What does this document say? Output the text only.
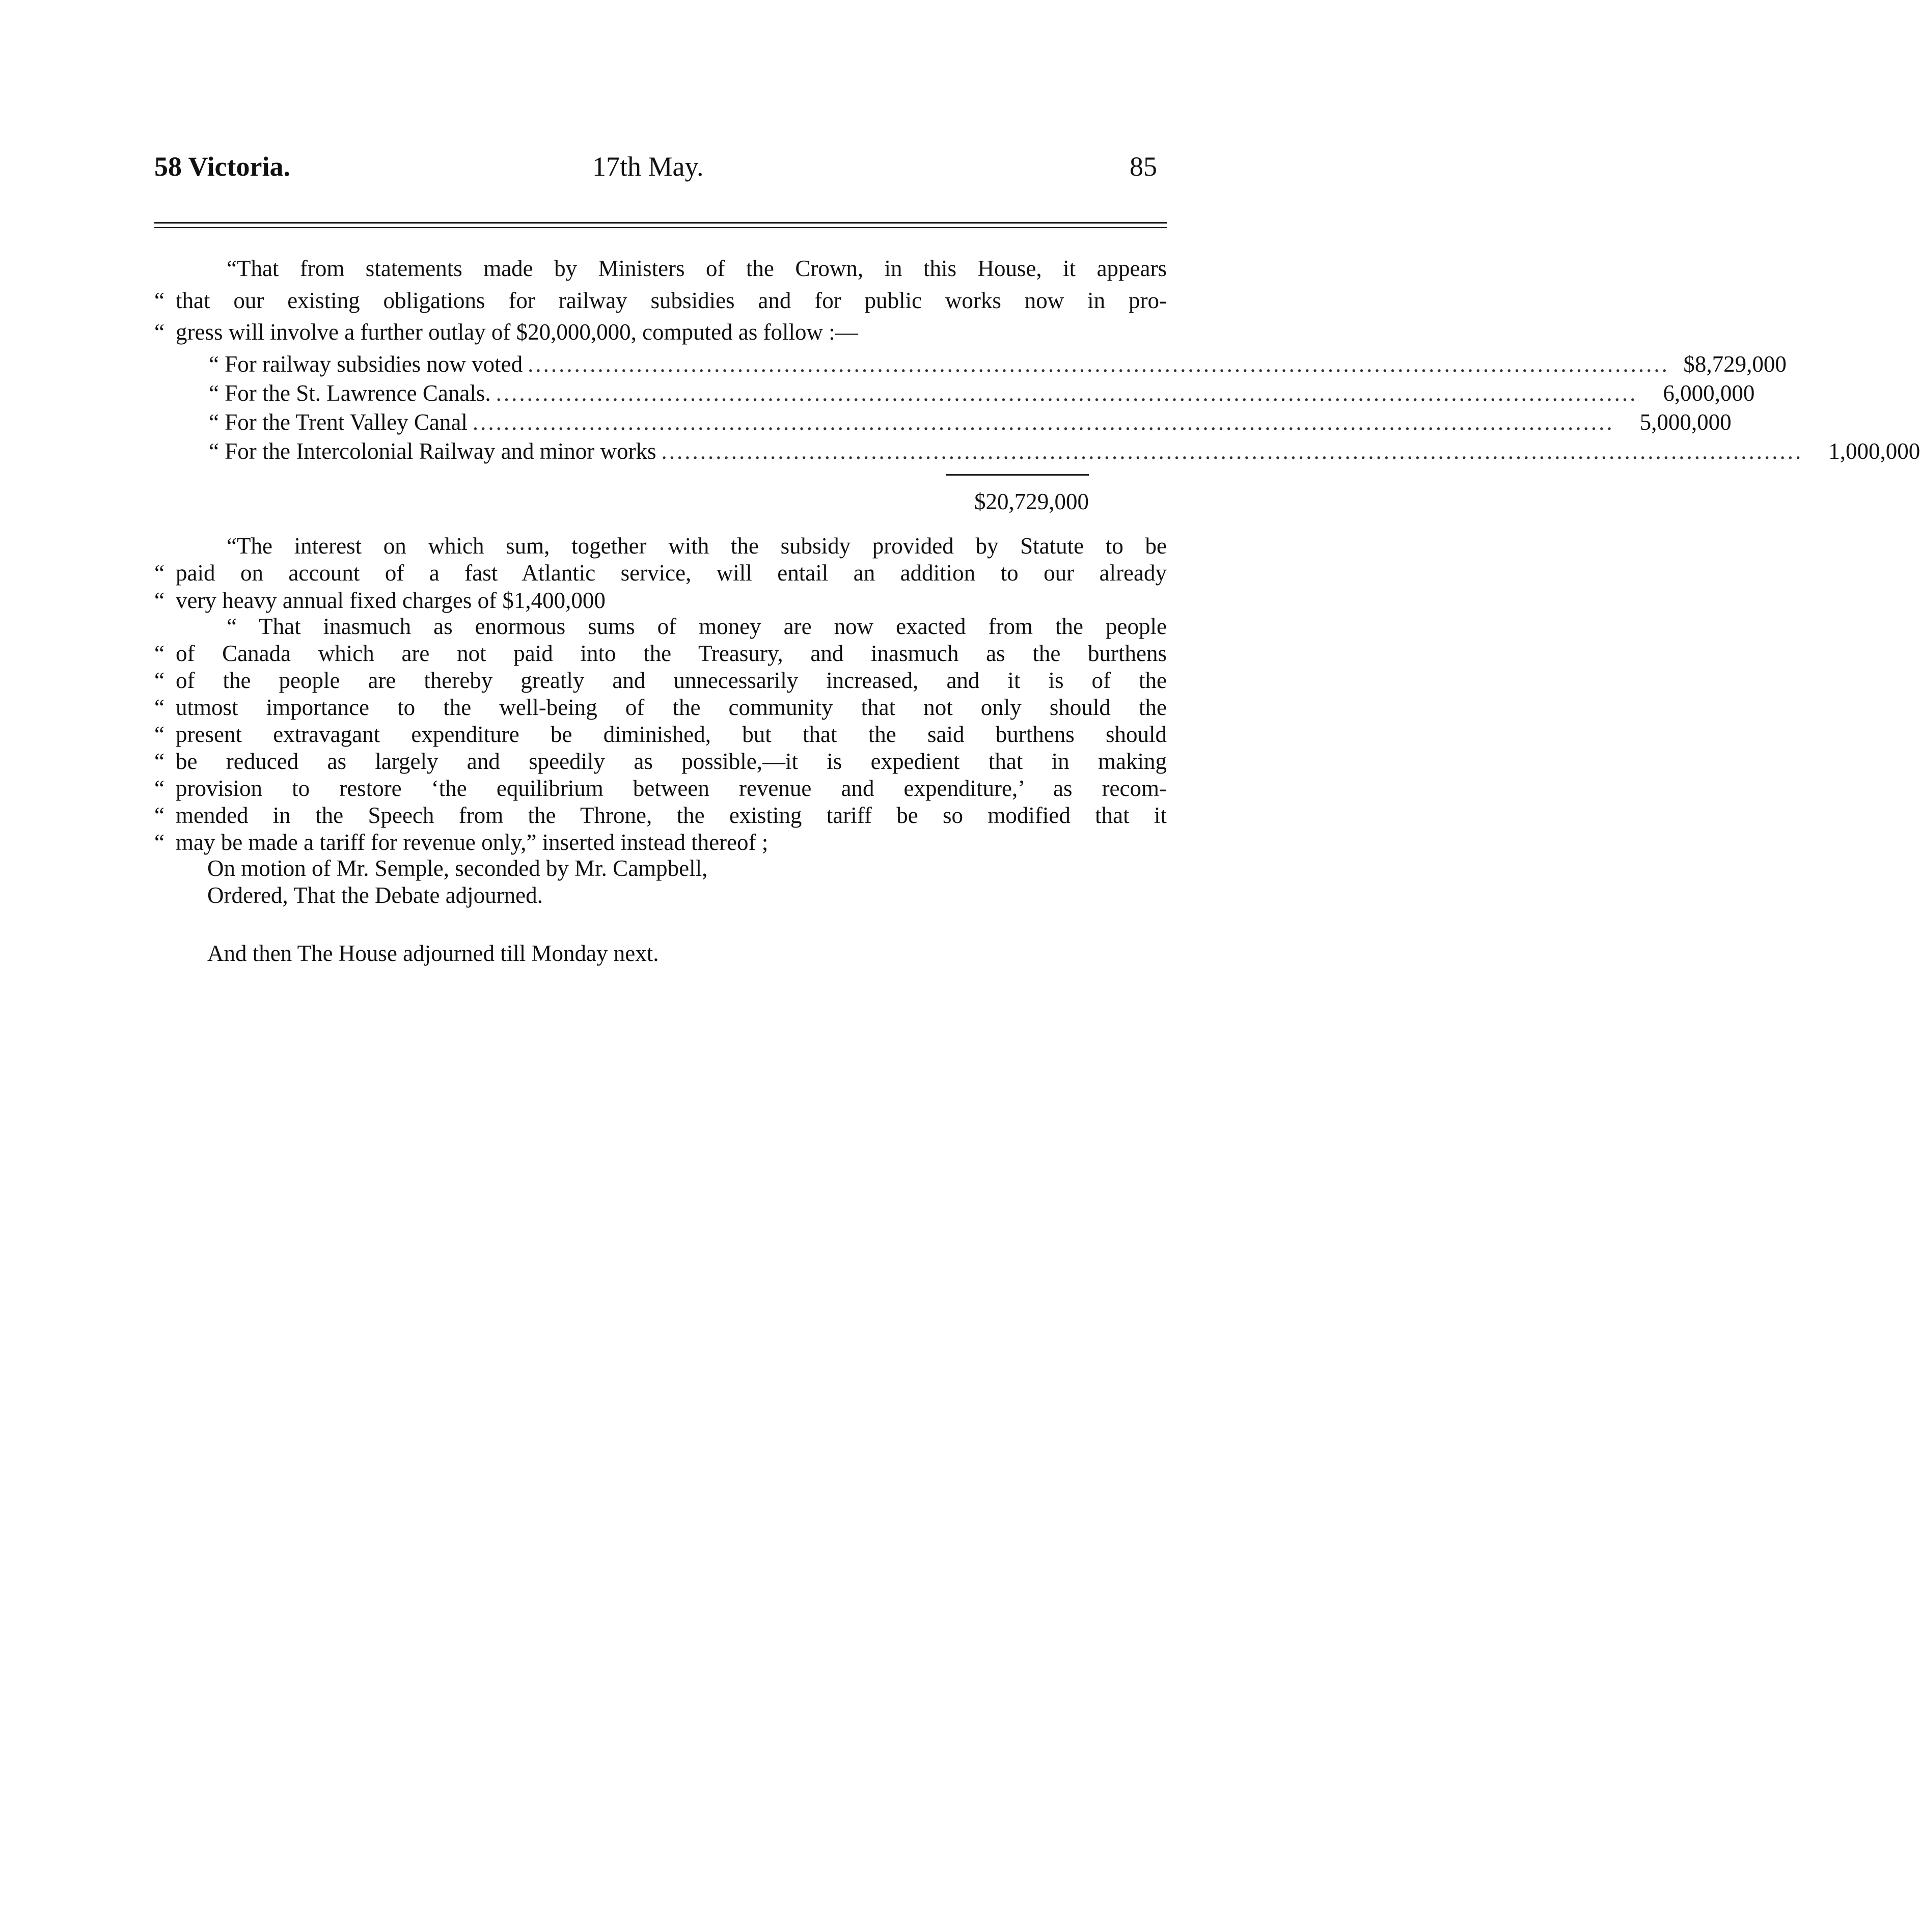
58 Victoria.	17th May.	85
“That from statements made by Ministers of the Crown, in this House, it appears
“ that our existing obligations for railway subsidies and for public works now in pro-
“ gress will involve a further outlay of $20,000,000, computed as follow :—
“ For railway subsidies now voted ................................................................................................................................................... $8,729,000
“ For the St. Lawrence Canals. ...................................................................................................................................................	6,000,000
“ For the Trent Valley Canal ...................................................................................................................................................	5,000,000
“ For the Intercolonial Railway and minor works ...................................................................................................................................................	1,000,000
$20,729,000
“The interest on which sum, together with the subsidy provided by Statute to be
“ paid on account of a fast Atlantic service, will entail an addition to our already
“ very heavy annual fixed charges of $1,400,000
“ That inasmuch as enormous sums of money are now exacted from the people
“ of Canada which are not paid into the Treasury, and inasmuch as the burthens
“ of the people are thereby greatly and unnecessarily increased, and it is of the
“ utmost importance to the well-being of the community that not only should the
“ present extravagant expenditure be diminished, but that the said burthens should
“ be reduced as largely and speedily as possible,—it is expedient that in making
“ provision to restore ‘the equilibrium between revenue and expenditure,’ as recom-
“ mended in the Speech from the Throne, the existing tariff be so modified that it
“ may be made a tariff for revenue only,” inserted instead thereof ;
On motion of Mr. Semple, seconded by Mr. Campbell,
Ordered, That the Debate adjourned.
And then The House adjourned till Monday next.
